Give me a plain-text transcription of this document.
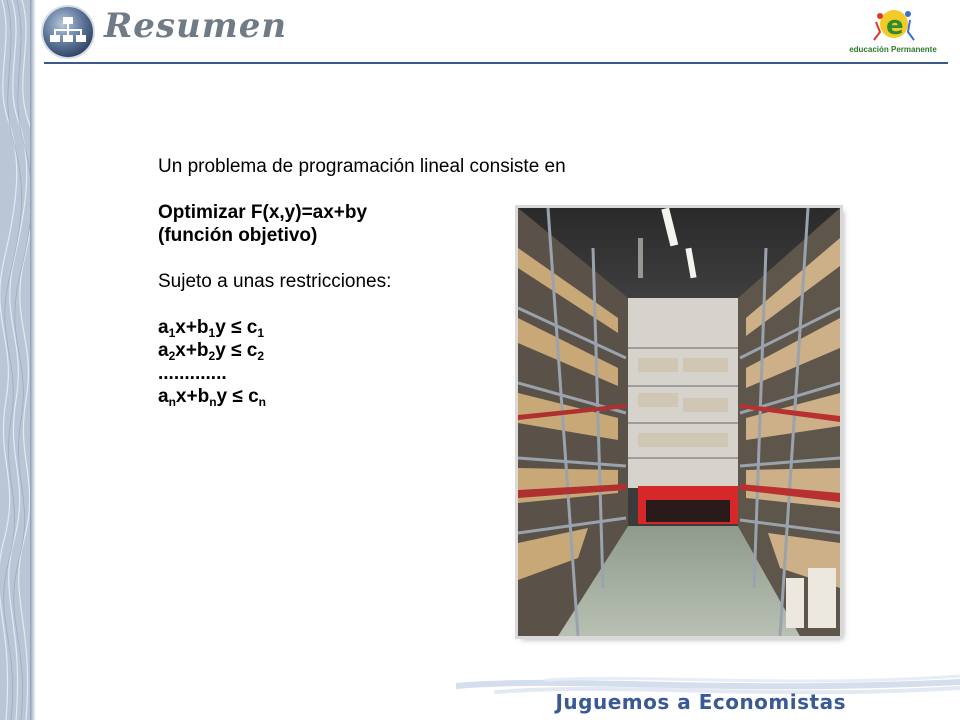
Resumen	e
educación Permanente

Un problema de programación lineal consiste en

Optimizar F(x,y)=ax+by

(función objetivo)

Sujeto a unas restricciones:

$a_1x+b_1y \le c_1$

$a_2x+b_2y \le c_2$

.............

$a_nx+b_ny \le c_n$

Juguemos a Economistas
